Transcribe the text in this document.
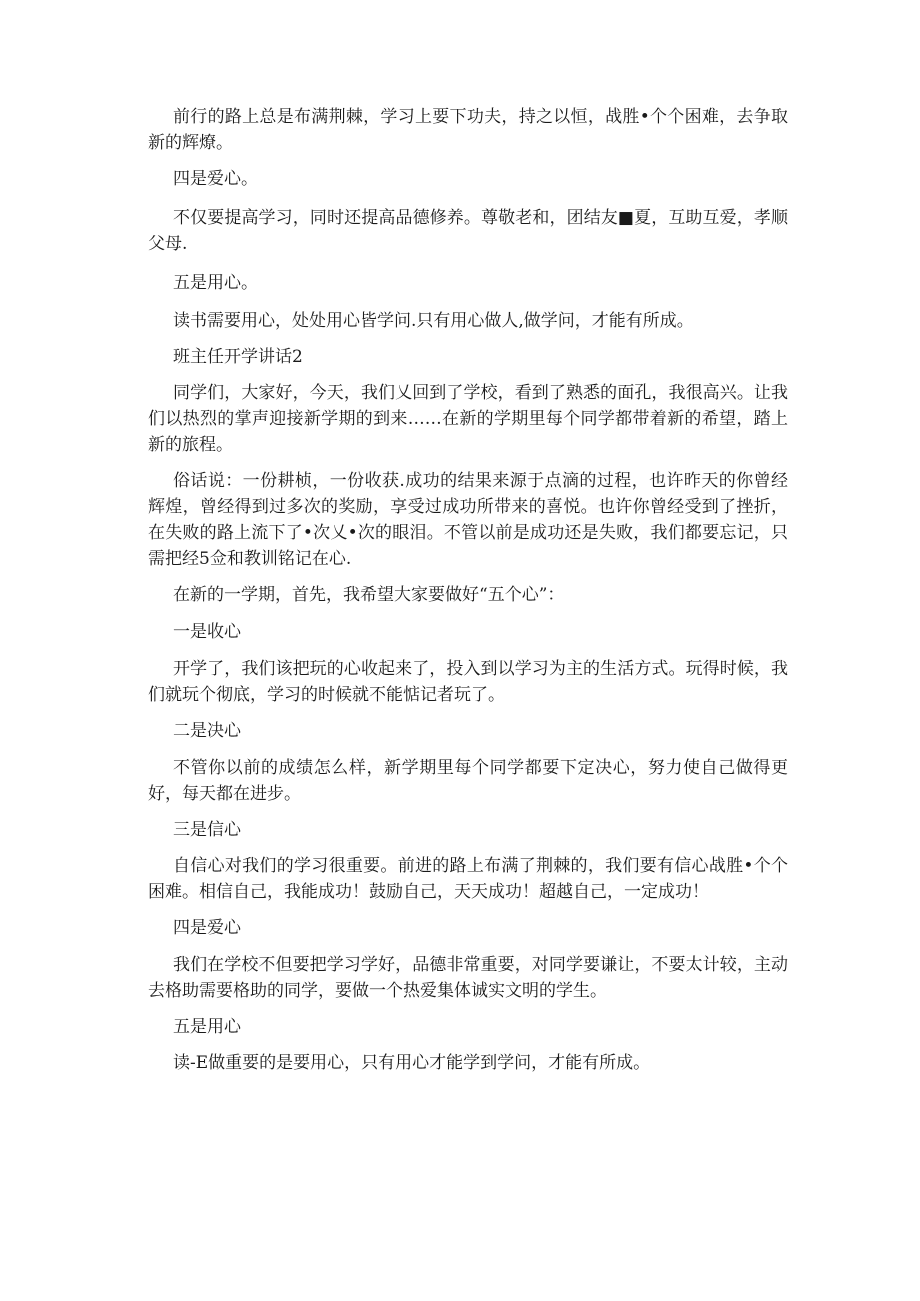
前行的路上总是布满荆棘，学习上要下功夫，持之以恒，战胜•个个困难，去争取新的辉燎。

四是爱心。

不仅要提高学习，同时还提高品德修养。尊敬老和，团结友■夏，互助互爱，孝顺父母.

五是用心。

读书需要用心，处处用心皆学问.只有用心做人,做学问，才能有所成。

班主任开学讲话2

同学们，大家好，今天，我们乂回到了学校，看到了熟悉的面孔，我很高兴。让我们以热烈的掌声迎接新学期的到来……在新的学期里每个同学都带着新的希望，踏上新的旅程。

俗话说：一份耕桢，一份收获.成功的结果来源于点滴的过程，也许昨天的你曾经辉煌，曾经得到过多次的奖励，享受过成功所带来的喜悦。也许你曾经受到了挫折，在失败的路上流下了•次乂•次的眼泪。不管以前是成功还是失败，我们都要忘记，只需把经5佥和教训铭记在心.

在新的一学期，首先，我希望大家要做好“五个心”：

一是收心

开学了，我们该把玩的心收起来了，投入到以学习为主的生活方式。玩得时候，我们就玩个彻底，学习的时候就不能惦记者玩了。

二是决心

不管你以前的成绩怎么样，新学期里每个同学都要下定决心，努力使自己做得更好，每天都在进步。

三是信心

自信心对我们的学习很重要。前进的路上布满了荆棘的，我们要有信心战胜•个个困难。相信自己，我能成功！鼓励自己，天天成功！超越自己，一定成功！

四是爱心

我们在学校不但要把学习学好，品德非常重要，对同学要谦让，不要太计较，主动去格助需要格助的同学，要做一个热爱集体诚实文明的学生。

五是用心

读-E做重要的是要用心，只有用心才能学到学问，才能有所成。
